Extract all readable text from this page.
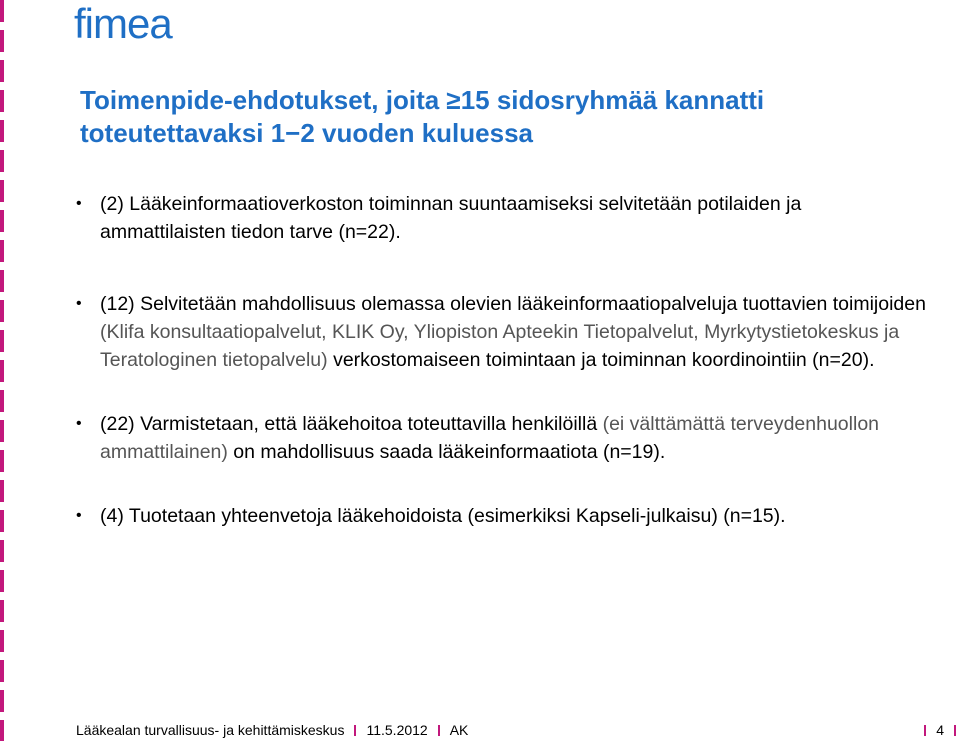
fimea
Toimenpide-ehdotukset, joita ≥15 sidosryhmää kannatti
toteutettavaksi 1−2 vuoden kuluessa
• (2) Lääkeinformaatioverkoston toiminnan suuntaamiseksi selvitetään potilaiden ja ammattilaisten tiedon tarve (n=22).
• (12) Selvitetään mahdollisuus olemassa olevien lääkeinformaatiopalveluja tuottavien toimijoiden (Klifa konsultaatiopalvelut, KLIK Oy, Yliopiston Apteekin Tietopalvelut, Myrkytystietokeskus ja Teratologinen tietopalvelu) verkostomaiseen toimintaan ja toiminnan koordinointiin (n=20).
• (22) Varmistetaan, että lääkehoitoa toteuttavilla henkilöillä (ei välttämättä terveydenhuollon ammattilainen) on mahdollisuus saada lääkeinformaatiota (n=19).
• (4) Tuotetaan yhteenvetoja lääkehoidoista (esimerkiksi Kapseli-julkaisu) (n=15).
Lääkealan turvallisuus- ja kehittämiskeskus 11.5.2012 AK	4
